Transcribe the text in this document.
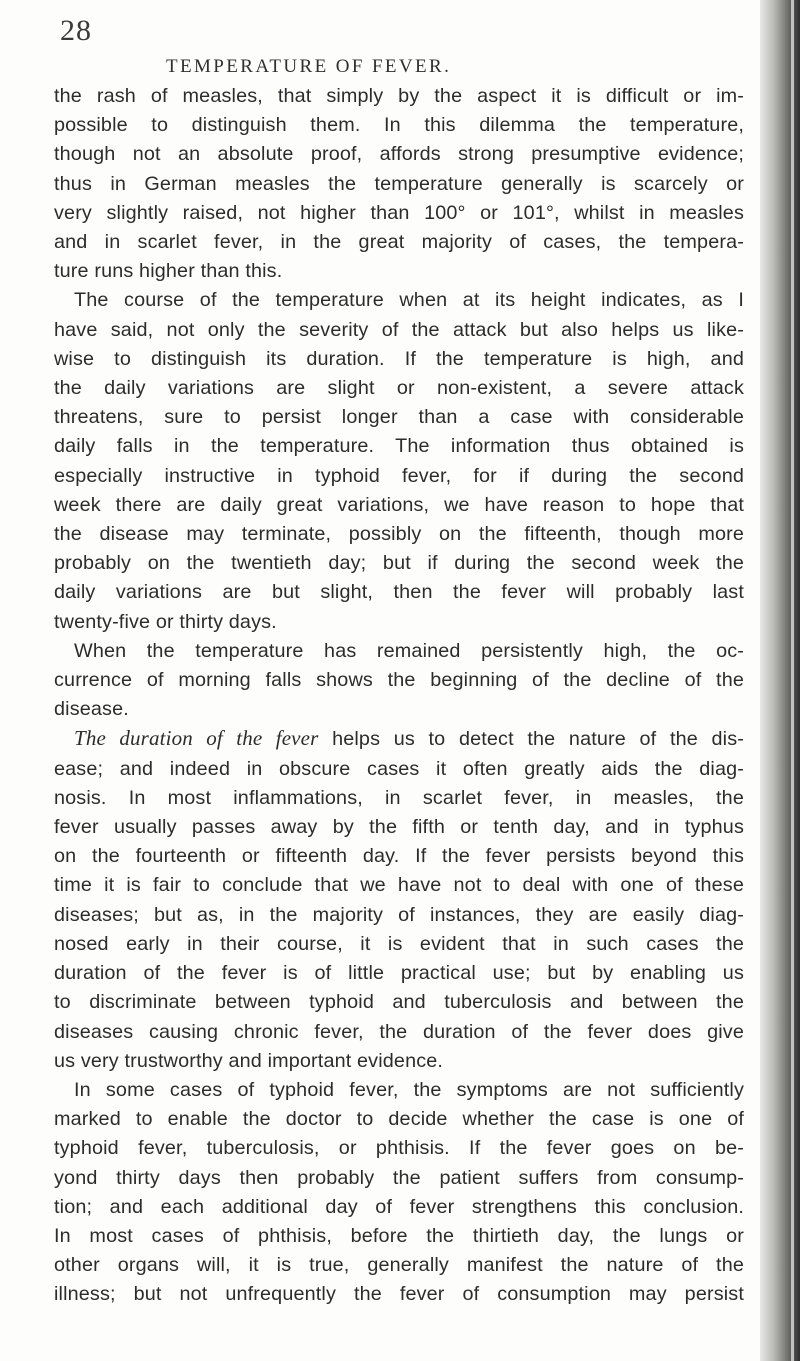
28
TEMPERATURE OF FEVER.
the rash of measles, that simply by the aspect it is difficult or im-
possible to distinguish them. In this dilemma the temperature,
though not an absolute proof, affords strong presumptive evidence;
thus in German measles the temperature generally is scarcely or
very slightly raised, not higher than 100° or 101°, whilst in measles
and in scarlet fever, in the great majority of cases, the tempera-
ture runs higher than this.
The course of the temperature when at its height indicates, as I
have said, not only the severity of the attack but also helps us like-
wise to distinguish its duration. If the temperature is high, and
the daily variations are slight or non-existent, a severe attack
threatens, sure to persist longer than a case with considerable
daily falls in the temperature. The information thus obtained is
especially instructive in typhoid fever, for if during the second
week there are daily great variations, we have reason to hope that
the disease may terminate, possibly on the fifteenth, though more
probably on the twentieth day; but if during the second week the
daily variations are but slight, then the fever will probably last
twenty-five or thirty days.
When the temperature has remained persistently high, the oc-
currence of morning falls shows the beginning of the decline of the
disease.
The duration of the fever helps us to detect the nature of the dis-
ease; and indeed in obscure cases it often greatly aids the diag-
nosis. In most inflammations, in scarlet fever, in measles, the
fever usually passes away by the fifth or tenth day, and in typhus
on the fourteenth or fifteenth day. If the fever persists beyond this
time it is fair to conclude that we have not to deal with one of these
diseases; but as, in the majority of instances, they are easily diag-
nosed early in their course, it is evident that in such cases the
duration of the fever is of little practical use; but by enabling us
to discriminate between typhoid and tuberculosis and between the
diseases causing chronic fever, the duration of the fever does give
us very trustworthy and important evidence.
In some cases of typhoid fever, the symptoms are not sufficiently
marked to enable the doctor to decide whether the case is one of
typhoid fever, tuberculosis, or phthisis. If the fever goes on be-
yond thirty days then probably the patient suffers from consump-
tion; and each additional day of fever strengthens this conclusion.
In most cases of phthisis, before the thirtieth day, the lungs or
other organs will, it is true, generally manifest the nature of the
illness; but not unfrequently the fever of consumption may persist
